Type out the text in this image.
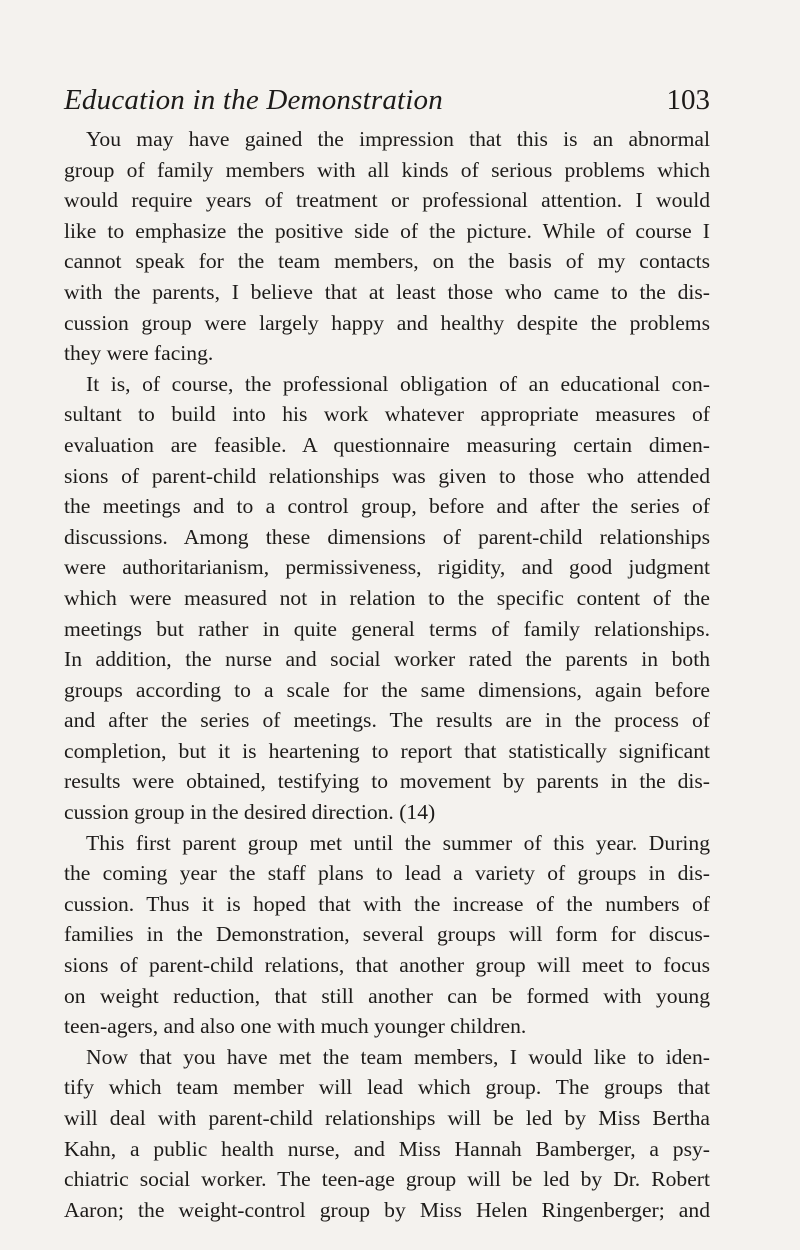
Education in the Demonstration	103

You may have gained the impression that this is an abnormal
group of family members with all kinds of serious problems which
would require years of treatment or professional attention. I would
like to emphasize the positive side of the picture. While of course I
cannot speak for the team members, on the basis of my contacts
with the parents, I believe that at least those who came to the dis-
cussion group were largely happy and healthy despite the problems
they were facing.

It is, of course, the professional obligation of an educational con-
sultant to build into his work whatever appropriate measures of
evaluation are feasible. A questionnaire measuring certain dimen-
sions of parent-child relationships was given to those who attended
the meetings and to a control group, before and after the series of
discussions. Among these dimensions of parent-child relationships
were authoritarianism, permissiveness, rigidity, and good judgment
which were measured not in relation to the specific content of the
meetings but rather in quite general terms of family relationships.
In addition, the nurse and social worker rated the parents in both
groups according to a scale for the same dimensions, again before
and after the series of meetings. The results are in the process of
completion, but it is heartening to report that statistically significant
results were obtained, testifying to movement by parents in the dis-
cussion group in the desired direction. (14)

This first parent group met until the summer of this year. During
the coming year the staff plans to lead a variety of groups in dis-
cussion. Thus it is hoped that with the increase of the numbers of
families in the Demonstration, several groups will form for discus-
sions of parent-child relations, that another group will meet to focus
on weight reduction, that still another can be formed with young
teen-agers, and also one with much younger children.

Now that you have met the team members, I would like to iden-
tify which team member will lead which group. The groups that
will deal with parent-child relationships will be led by Miss Bertha
Kahn, a public health nurse, and Miss Hannah Bamberger, a psy-
chiatric social worker. The teen-age group will be led by Dr. Robert
Aaron; the weight-control group by Miss Helen Ringenberger; and
